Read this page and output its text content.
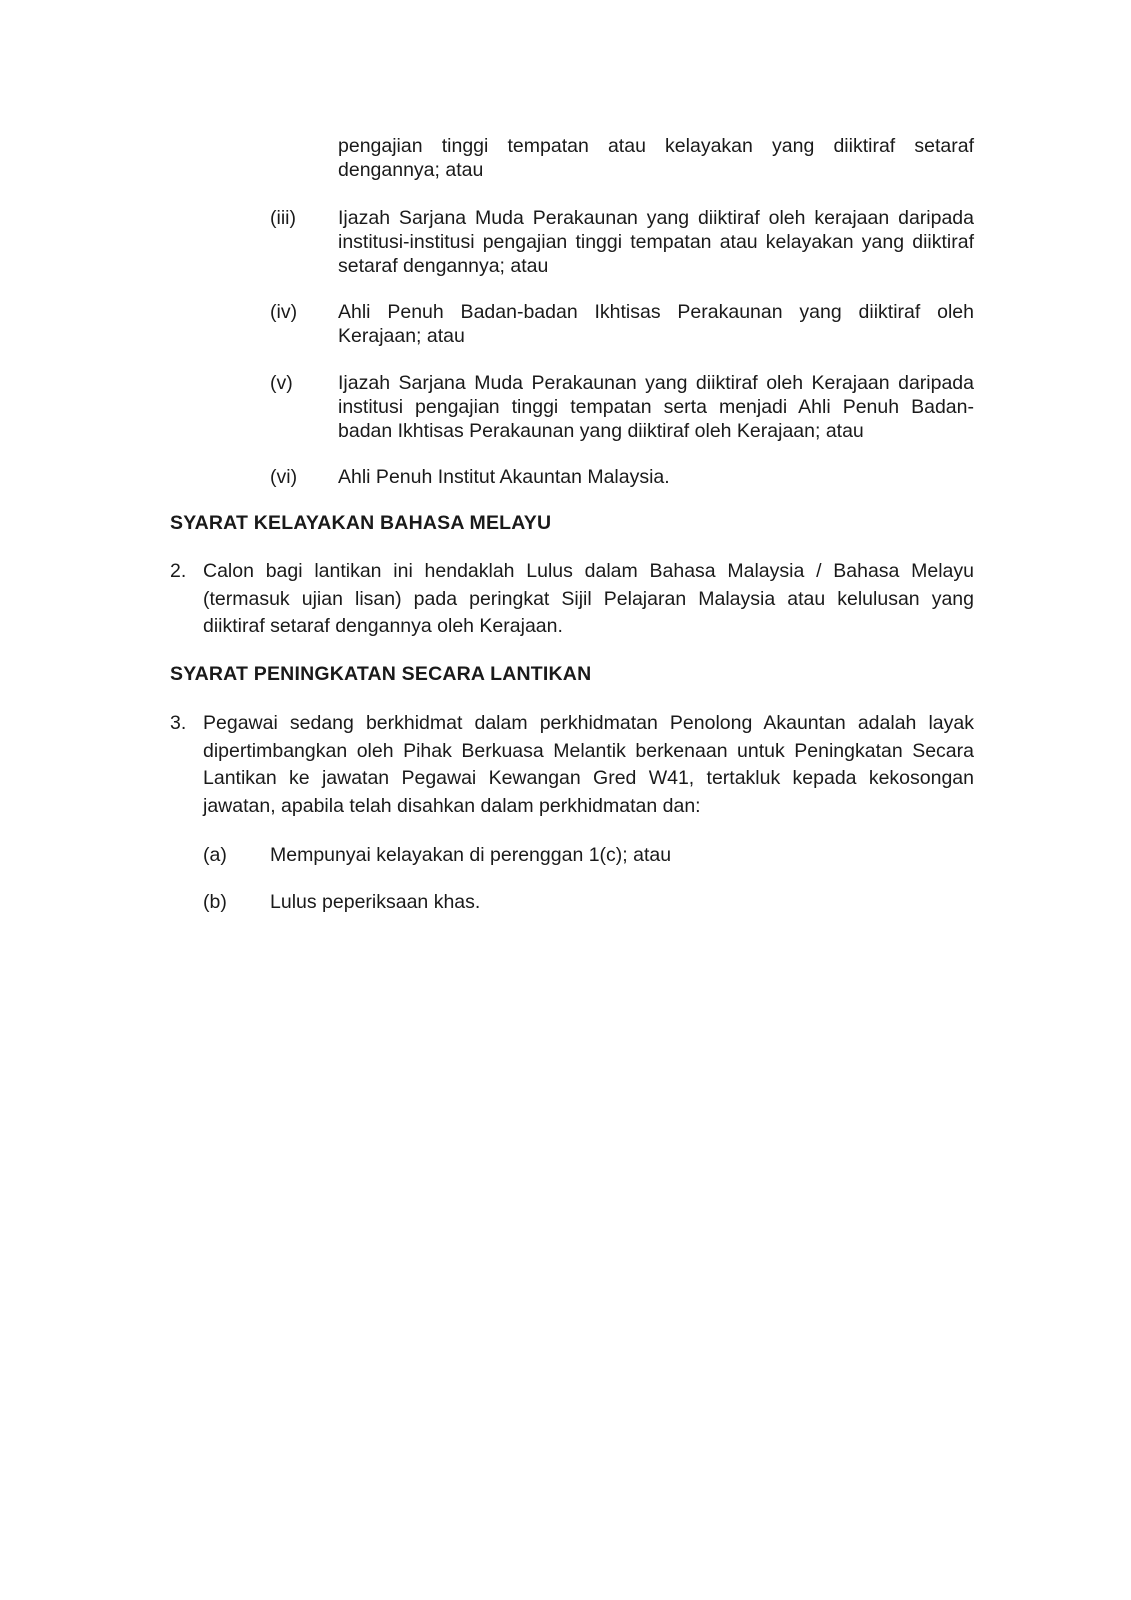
pengajian tinggi tempatan atau kelayakan yang diiktiraf setaraf
dengannya; atau
(iii) Ijazah Sarjana Muda Perakaunan yang diiktiraf oleh kerajaan daripada institusi-institusi pengajian tinggi tempatan atau kelayakan yang diiktiraf setaraf dengannya; atau
(iv) Ahli Penuh Badan-badan Ikhtisas Perakaunan yang diiktiraf oleh Kerajaan; atau
(v) Ijazah Sarjana Muda Perakaunan yang diiktiraf oleh Kerajaan daripada institusi pengajian tinggi tempatan serta menjadi Ahli Penuh Badan-badan Ikhtisas Perakaunan yang diiktiraf oleh Kerajaan; atau
(vi) Ahli Penuh Institut Akauntan Malaysia.
SYARAT KELAYAKAN BAHASA MELAYU
2. Calon bagi lantikan ini hendaklah Lulus dalam Bahasa Malaysia / Bahasa Melayu (termasuk ujian lisan) pada peringkat Sijil Pelajaran Malaysia atau kelulusan yang diiktiraf setaraf dengannya oleh Kerajaan.
SYARAT PENINGKATAN SECARA LANTIKAN
3. Pegawai sedang berkhidmat dalam perkhidmatan Penolong Akauntan adalah layak dipertimbangkan oleh Pihak Berkuasa Melantik berkenaan untuk Peningkatan Secara Lantikan ke jawatan Pegawai Kewangan Gred W41, tertakluk kepada kekosongan jawatan, apabila telah disahkan dalam perkhidmatan dan:
(a) Mempunyai kelayakan di perenggan 1(c); atau
(b) Lulus peperiksaan khas.
